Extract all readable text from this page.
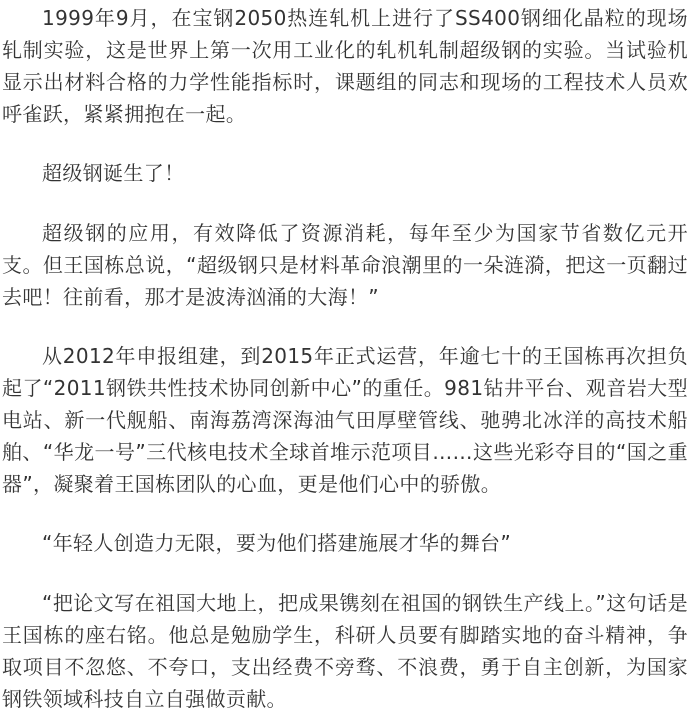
1999年9月，在宝钢2050热连轧机上进行了SS400钢细化晶粒的现场轧制实验，这是世界上第一次用工业化的轧机轧制超级钢的实验。当试验机显示出材料合格的力学性能指标时，课题组的同志和现场的工程技术人员欢呼雀跃，紧紧拥抱在一起。

超级钢诞生了！

超级钢的应用，有效降低了资源消耗，每年至少为国家节省数亿元开支。但王国栋总说，“超级钢只是材料革命浪潮里的一朵涟漪，把这一页翻过去吧！往前看，那才是波涛汹涌的大海！”

从2012年申报组建，到2015年正式运营，年逾七十的王国栋再次担负起了“2011钢铁共性技术协同创新中心”的重任。981钻井平台、观音岩大型电站、新一代舰船、南海荔湾深海油气田厚壁管线、驰骋北冰洋的高技术船舶、“华龙一号”三代核电技术全球首堆示范项目……这些光彩夺目的“国之重器”，凝聚着王国栋团队的心血，更是他们心中的骄傲。

“年轻人创造力无限，要为他们搭建施展才华的舞台”

“把论文写在祖国大地上，把成果镌刻在祖国的钢铁生产线上。”这句话是王国栋的座右铭。他总是勉励学生，科研人员要有脚踏实地的奋斗精神，争取项目不忽悠、不夸口，支出经费不旁骛、不浪费，勇于自主创新，为国家钢铁领域科技自立自强做贡献。
